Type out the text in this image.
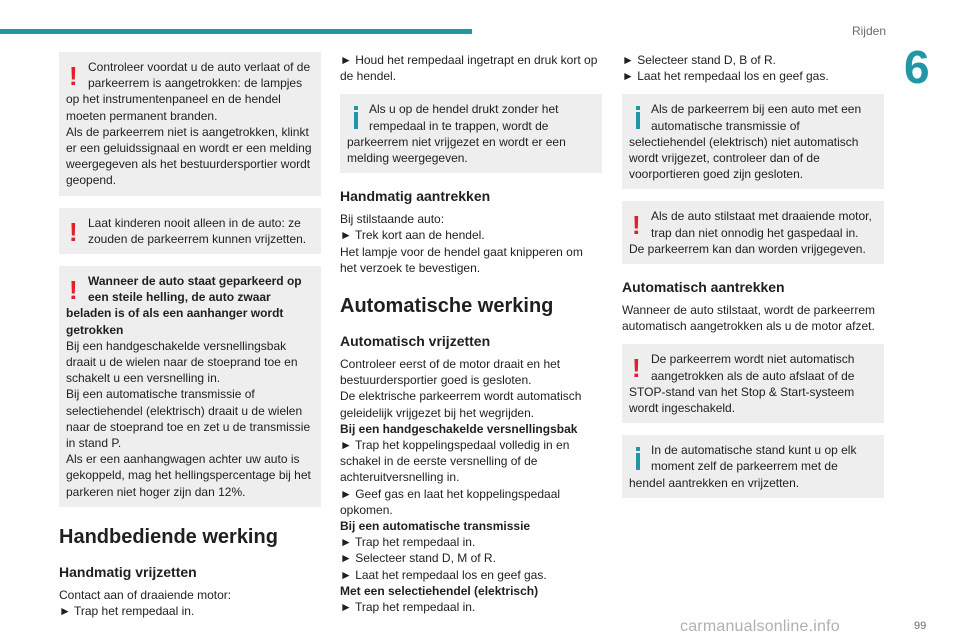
Rijden
6
! Controleer voordat u de auto verlaat of de parkeerrem is aangetrokken: de lampjes op het instrumentenpaneel en de hendel moeten permanent branden.

Als de parkeerrem niet is aangetrokken, klinkt er een geluidssignaal en wordt er een melding weergegeven als het bestuurdersportier wordt geopend.

! Laat kinderen nooit alleen in de auto: ze zouden de parkeerrem kunnen vrijzetten.

! Wanneer de auto staat geparkeerd op een steile helling, de auto zwaar beladen is of als een aanhanger wordt getrokken

Bij een handgeschakelde versnellingsbak draait u de wielen naar de stoeprand toe en schakelt u een versnelling in.

Bij een automatische transmissie of selectiehendel (elektrisch) draait u de wielen naar de stoeprand toe en zet u de transmissie in stand P.

Als er een aanhangwagen achter uw auto is gekoppeld, mag het hellingspercentage bij het parkeren niet hoger zijn dan 12%.

Handbediende werking
Handmatig vrijzetten

Contact aan of draaiende motor:

► Trap het rempedaal in.

► Houd het rempedaal ingetrapt en druk kort op de hendel.

Als u op de hendel drukt zonder het rempedaal in te trappen, wordt de parkeerrem niet vrijgezet en wordt er een melding weergegeven.

Handmatig aantrekken

Bij stilstaande auto:

► Trek kort aan de hendel.

Het lampje voor de hendel gaat knipperen om het verzoek te bevestigen.

Automatische werking
Automatisch vrijzetten

Controleer eerst of de motor draait en het bestuurdersportier goed is gesloten.

De elektrische parkeerrem wordt automatisch geleidelijk vrijgezet bij het wegrijden.

Bij een handgeschakelde versnellingsbak

► Trap het koppelingspedaal volledig in en schakel in de eerste versnelling of de achteruitversnelling in.

► Geef gas en laat het koppelingspedaal opkomen.

Bij een automatische transmissie

► Trap het rempedaal in.

► Selecteer stand D, M of R.

► Laat het rempedaal los en geef gas.

Met een selectiehendel (elektrisch)

► Trap het rempedaal in.

► Selecteer stand D, B of R.

► Laat het rempedaal los en geef gas.

Als de parkeerrem bij een auto met een automatische transmissie of selectiehendel (elektrisch) niet automatisch wordt vrijgezet, controleer dan of de voorportieren goed zijn gesloten.

! Als de auto stilstaat met draaiende motor, trap dan niet onnodig het gaspedaal in.

De parkeerrem kan dan worden vrijgegeven.

Automatisch aantrekken

Wanneer de auto stilstaat, wordt de parkeerrem automatisch aangetrokken als u de motor afzet.

! De parkeerrem wordt niet automatisch aangetrokken als de auto afslaat of de STOP-stand van het Stop & Start-systeem wordt ingeschakeld.

In de automatische stand kunt u op elk moment zelf de parkeerrem met de hendel aantrekken en vrijzetten.

carmanualsonline.info	99
